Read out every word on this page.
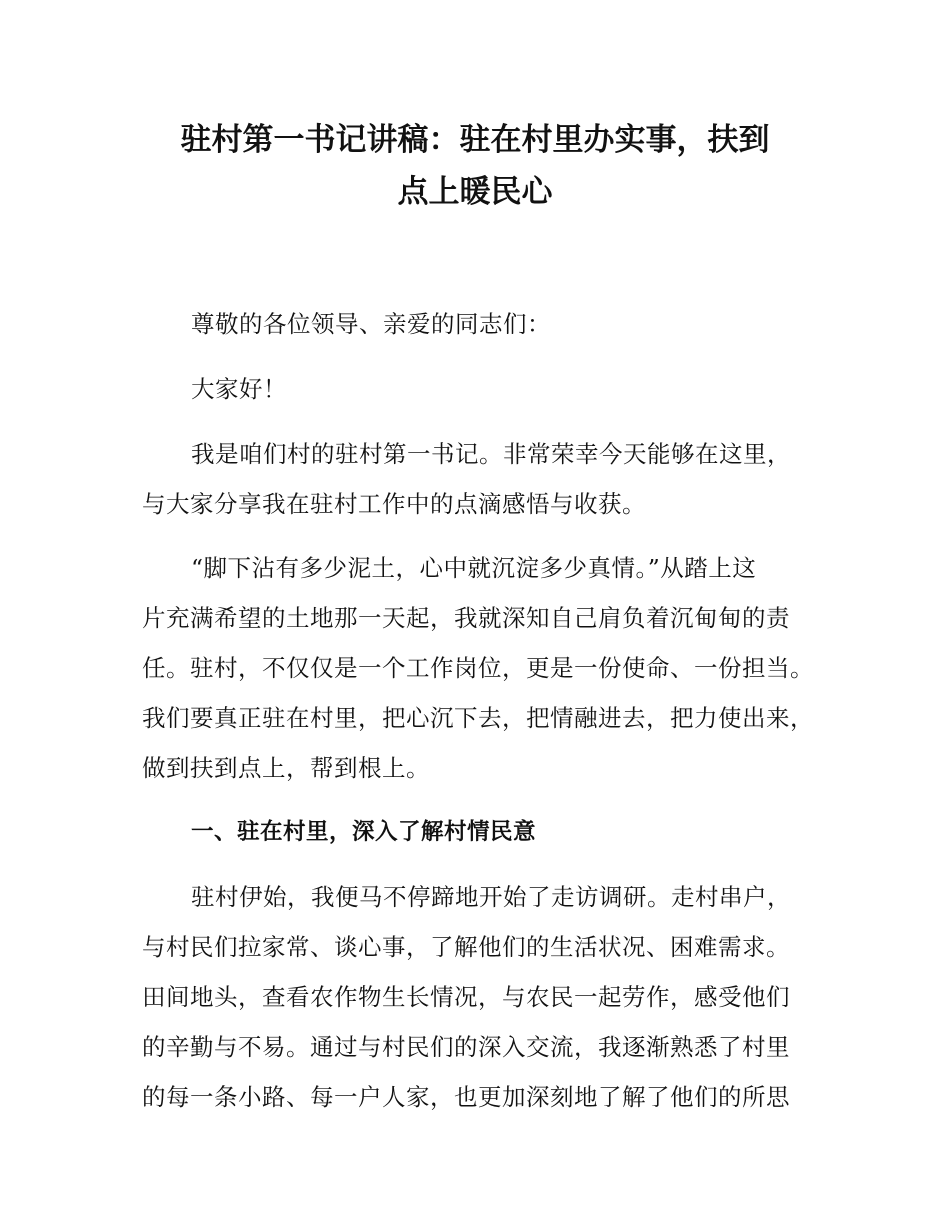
驻村第一书记讲稿：驻在村里办实事，扶到
点上暖民心
尊敬的各位领导、亲爱的同志们：
大家好！
我是咱们村的驻村第一书记。非常荣幸今天能够在这里，
与大家分享我在驻村工作中的点滴感悟与收获。
“脚下沾有多少泥土，心中就沉淀多少真情。”从踏上这
片充满希望的土地那一天起，我就深知自己肩负着沉甸甸的责
任。驻村，不仅仅是一个工作岗位，更是一份使命、一份担当。
我们要真正驻在村里，把心沉下去，把情融进去，把力使出来，
做到扶到点上，帮到根上。
一、驻在村里，深入了解村情民意
驻村伊始，我便马不停蹄地开始了走访调研。走村串户，
与村民们拉家常、谈心事，了解他们的生活状况、困难需求。
田间地头，查看农作物生长情况，与农民一起劳作，感受他们
的辛勤与不易。通过与村民们的深入交流，我逐渐熟悉了村里
的每一条小路、每一户人家，也更加深刻地了解了他们的所思
